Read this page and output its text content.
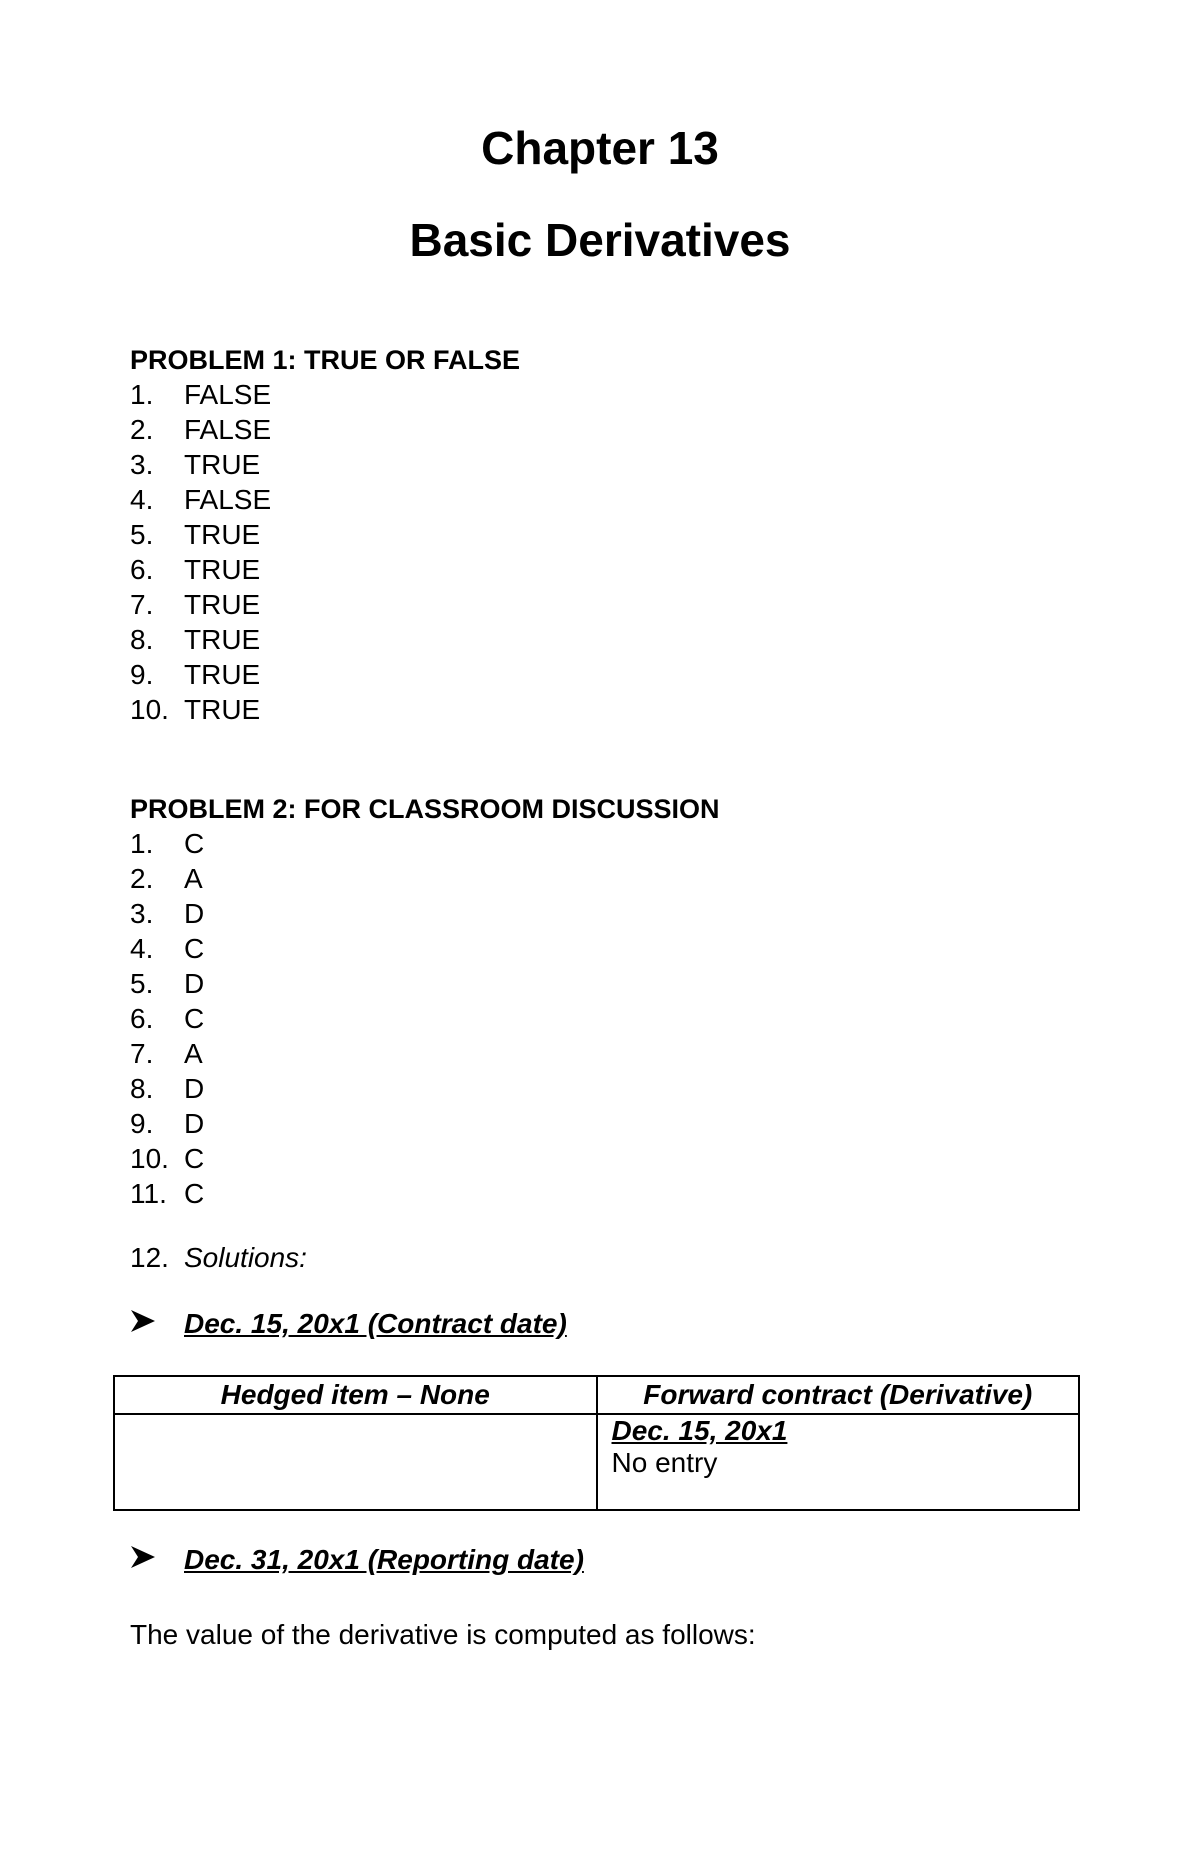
Chapter 13
Basic Derivatives
PROBLEM 1: TRUE OR FALSE
1. FALSE
2. FALSE
3. TRUE
4. FALSE
5. TRUE
6. TRUE
7. TRUE
8. TRUE
9. TRUE
10. TRUE
PROBLEM 2: FOR CLASSROOM DISCUSSION
1. C
2. A
3. D
4. C
5. D
6. C
7. A
8. D
9. D
10. C
11. C
12. Solutions:
Dec. 15, 20x1 (Contract date)
Hedged item – None	Forward contract (Derivative)

	Dec. 15, 20x1
No entry
Dec. 31, 20x1 (Reporting date)
The value of the derivative is computed as follows:
